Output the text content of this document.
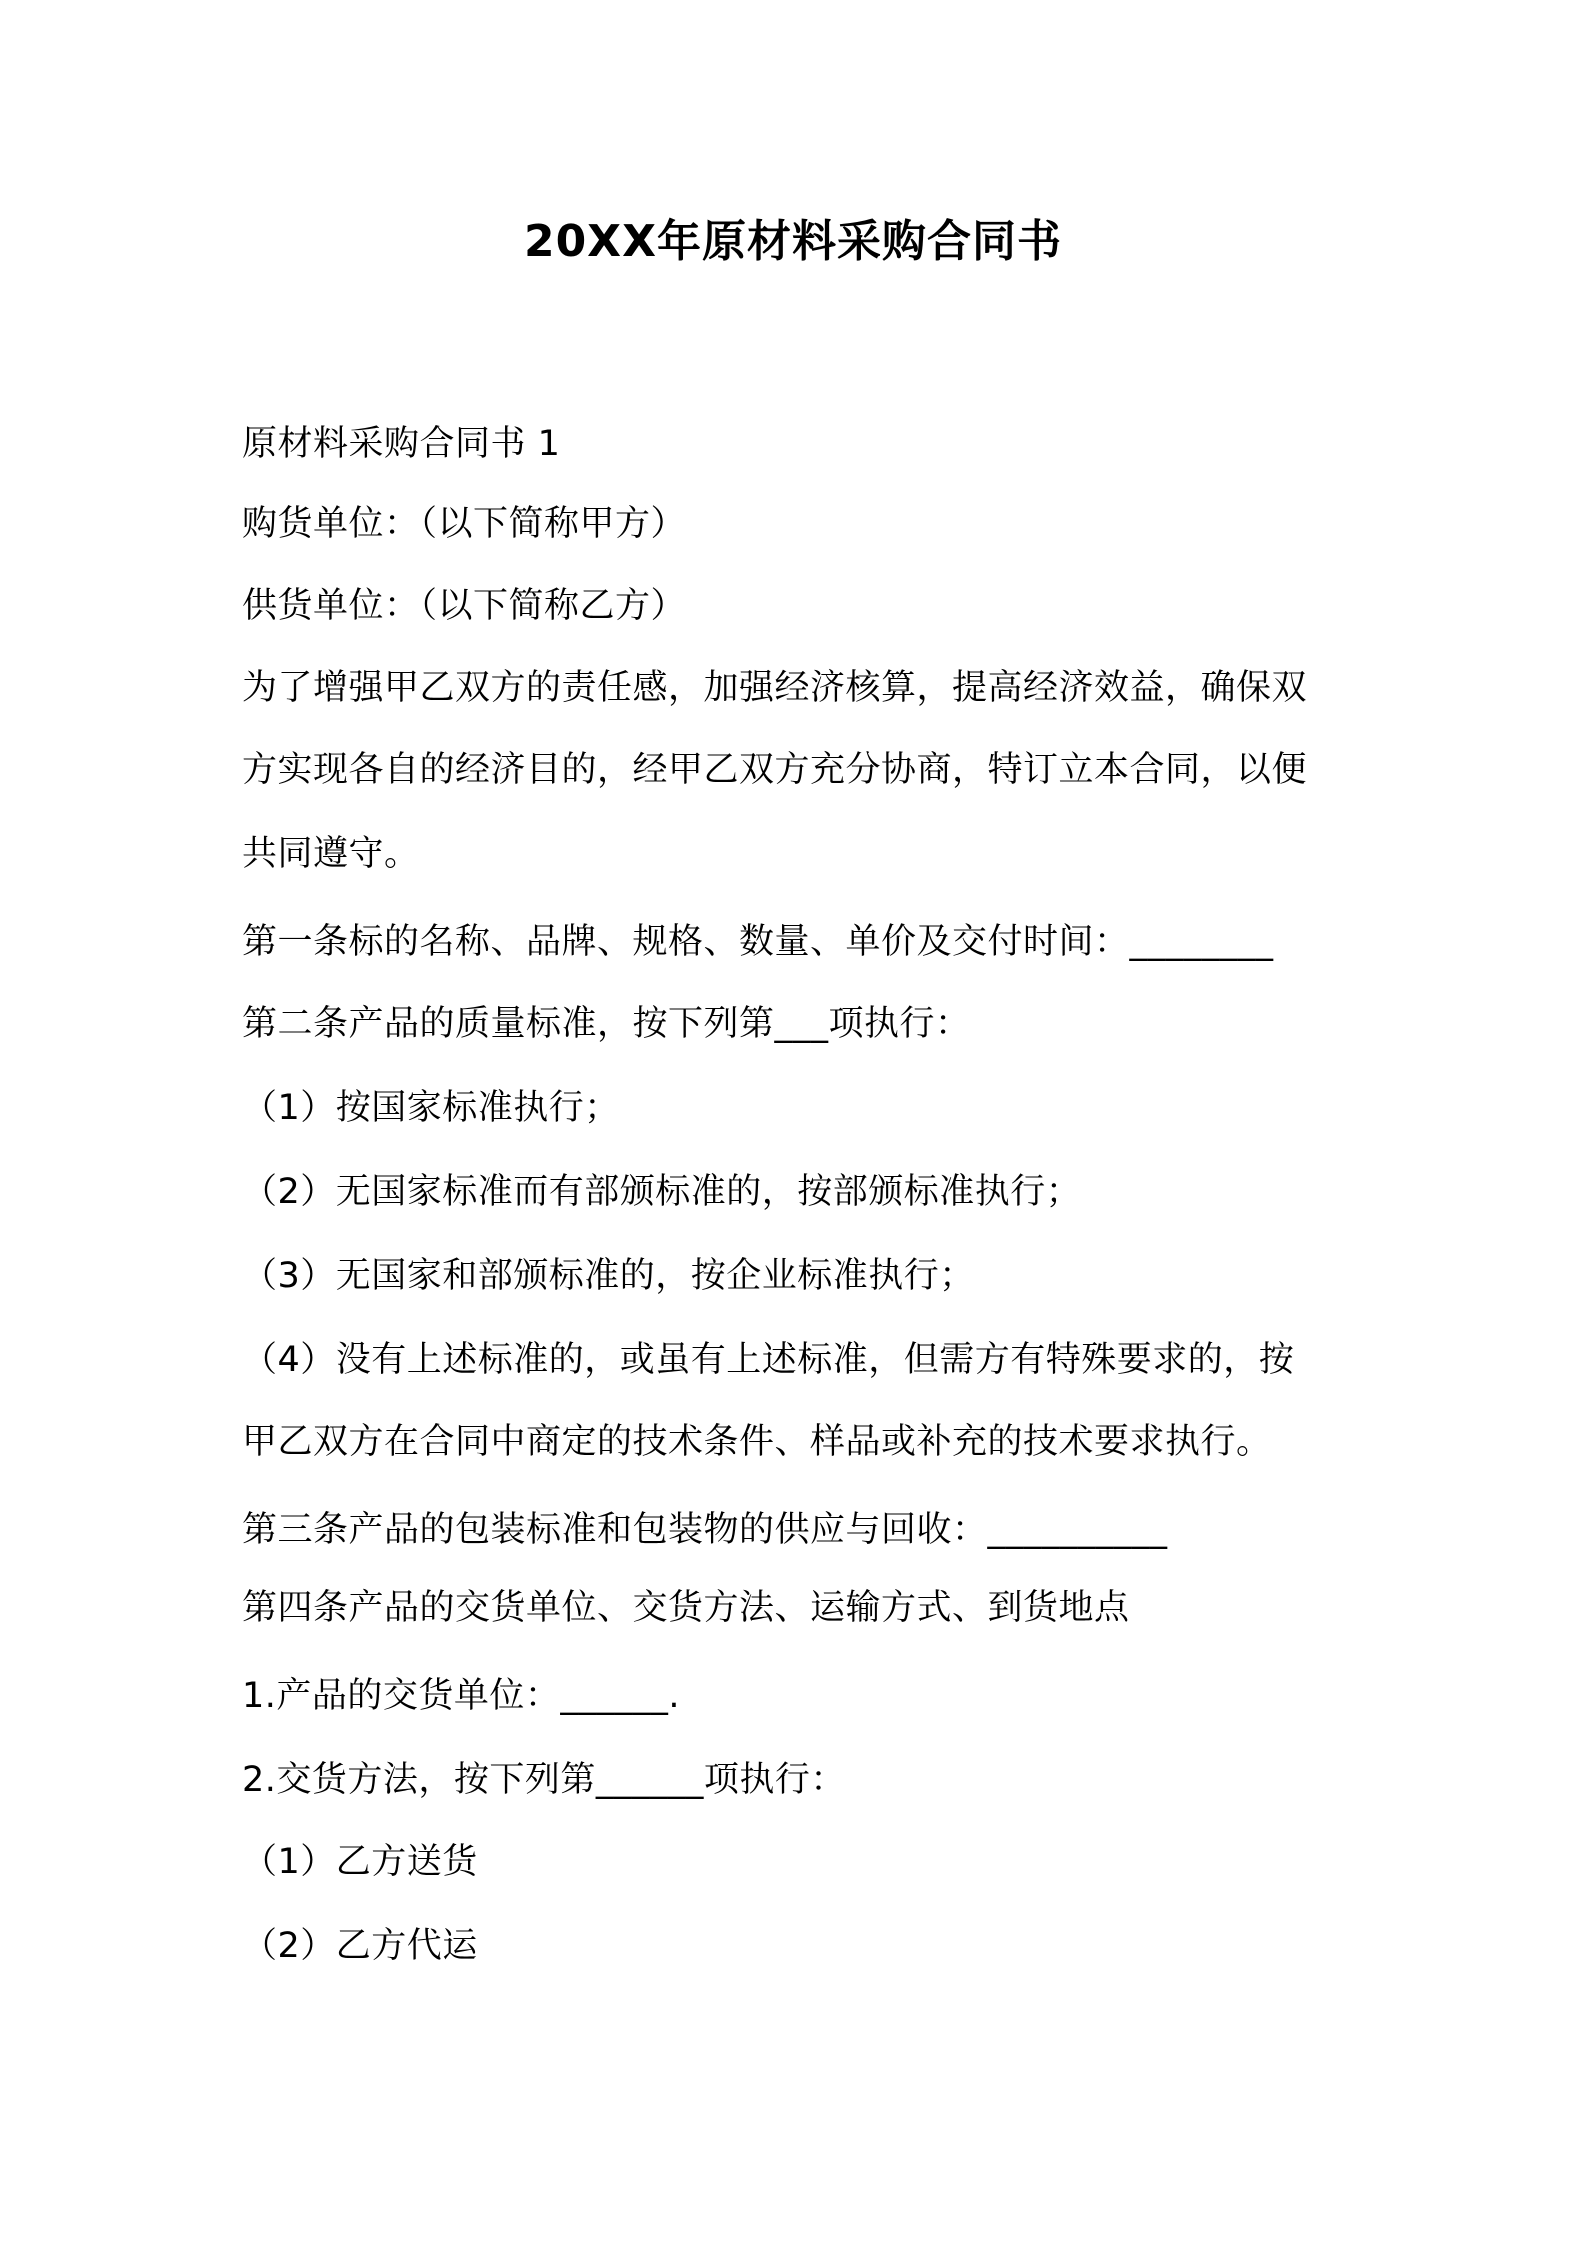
20XX年原材料采购合同书
原材料采购合同书 1
购货单位：（以下简称甲方）
供货单位：（以下简称乙方）
为了增强甲乙双方的责任感，加强经济核算，提高经济效益，确保双
方实现各自的经济目的，经甲乙双方充分协商，特订立本合同，以便
共同遵守。
第一条标的名称、品牌、规格、数量、单价及交付时间：________
第二条产品的质量标准，按下列第___项执行：
（1）按国家标准执行；
（2）无国家标准而有部颁标准的，按部颁标准执行；
（3）无国家和部颁标准的，按企业标准执行；
（4）没有上述标准的，或虽有上述标准，但需方有特殊要求的，按
甲乙双方在合同中商定的技术条件、样品或补充的技术要求执行。
第三条产品的包装标准和包装物的供应与回收：__________
第四条产品的交货单位、交货方法、运输方式、到货地点
1.产品的交货单位：______.
2.交货方法，按下列第______项执行：
（1）乙方送货
（2）乙方代运
